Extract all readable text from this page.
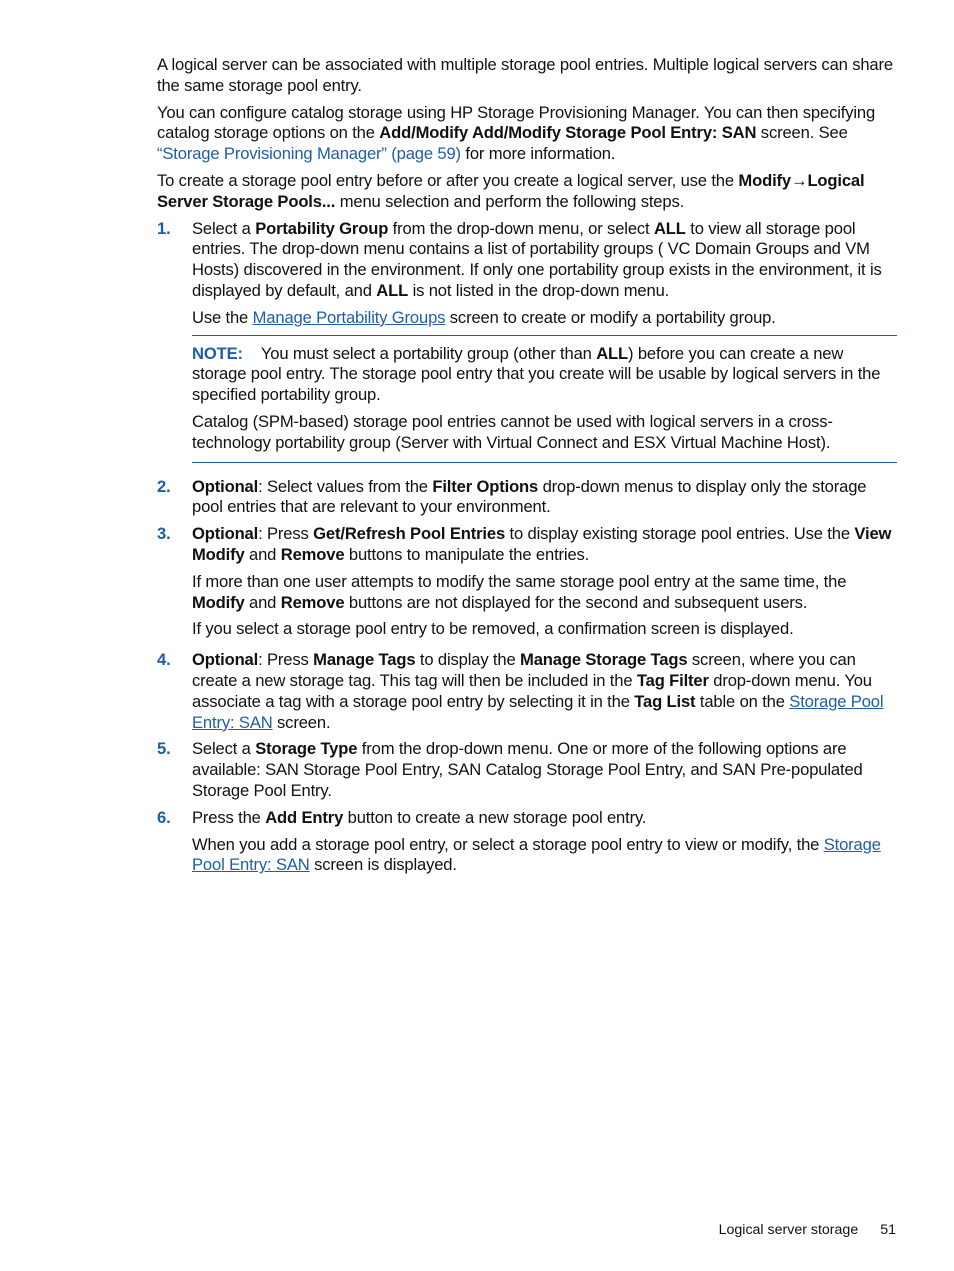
A logical server can be associated with multiple storage pool entries. Multiple logical servers can share the same storage pool entry.

You can configure catalog storage using HP Storage Provisioning Manager. You can then specifying catalog storage options on the Add/Modify Add/Modify Storage Pool Entry: SAN screen. See “Storage Provisioning Manager” (page 59) for more information.

To create a storage pool entry before or after you create a logical server, use the Modify→Logical Server Storage Pools... menu selection and perform the following steps.

1. Select a Portability Group from the drop-down menu, or select ALL to view all storage pool entries. The drop-down menu contains a list of portability groups ( VC Domain Groups and VM Hosts) discovered in the environment. If only one portability group exists in the environment, it is displayed by default, and ALL is not listed in the drop-down menu.

Use the Manage Portability Groups screen to create or modify a portability group.

NOTE: You must select a portability group (other than ALL) before you can create a new storage pool entry. The storage pool entry that you create will be usable by logical servers in the specified portability group.

Catalog (SPM-based) storage pool entries cannot be used with logical servers in a cross-technology portability group (Server with Virtual Connect and ESX Virtual Machine Host).

2. Optional: Select values from the Filter Options drop-down menus to display only the storage pool entries that are relevant to your environment.

3. Optional: Press Get/Refresh Pool Entries to display existing storage pool entries. Use the View Modify and Remove buttons to manipulate the entries.

If more than one user attempts to modify the same storage pool entry at the same time, the Modify and Remove buttons are not displayed for the second and subsequent users.

If you select a storage pool entry to be removed, a confirmation screen is displayed.

4. Optional: Press Manage Tags to display the Manage Storage Tags screen, where you can create a new storage tag. This tag will then be included in the Tag Filter drop-down menu. You associate a tag with a storage pool entry by selecting it in the Tag List table on the Storage Pool Entry: SAN screen.

5. Select a Storage Type from the drop-down menu. One or more of the following options are available: SAN Storage Pool Entry, SAN Catalog Storage Pool Entry, and SAN Pre-populated Storage Pool Entry.

6. Press the Add Entry button to create a new storage pool entry.

When you add a storage pool entry, or select a storage pool entry to view or modify, the Storage Pool Entry: SAN screen is displayed.

Logical server storage 51
